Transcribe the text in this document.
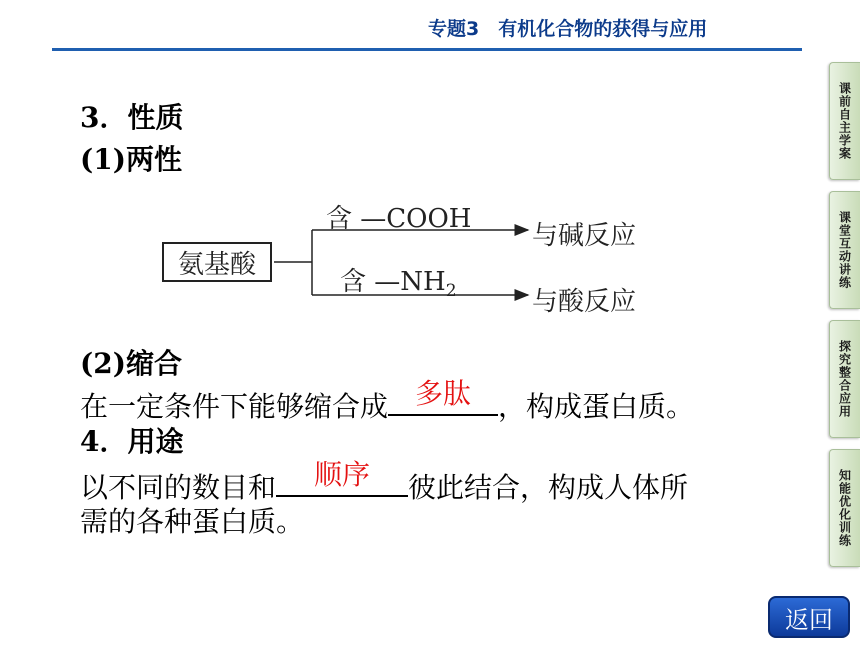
专题3　有机化合物的获得与应用
课前自主学案
课堂互动讲练
探究整合应用
知能优化训练
3．性质
(1)两性
氨基酸
含 —COOH
与碱反应
含 $—NH_2$	与酸反应
(2)缩合
在一定条件下能够缩合成 多肽 ，构成蛋白质。
4．用途
以不同的数目和	顺序	彼此结合，构成人体所
需的各种蛋白质。
返回
